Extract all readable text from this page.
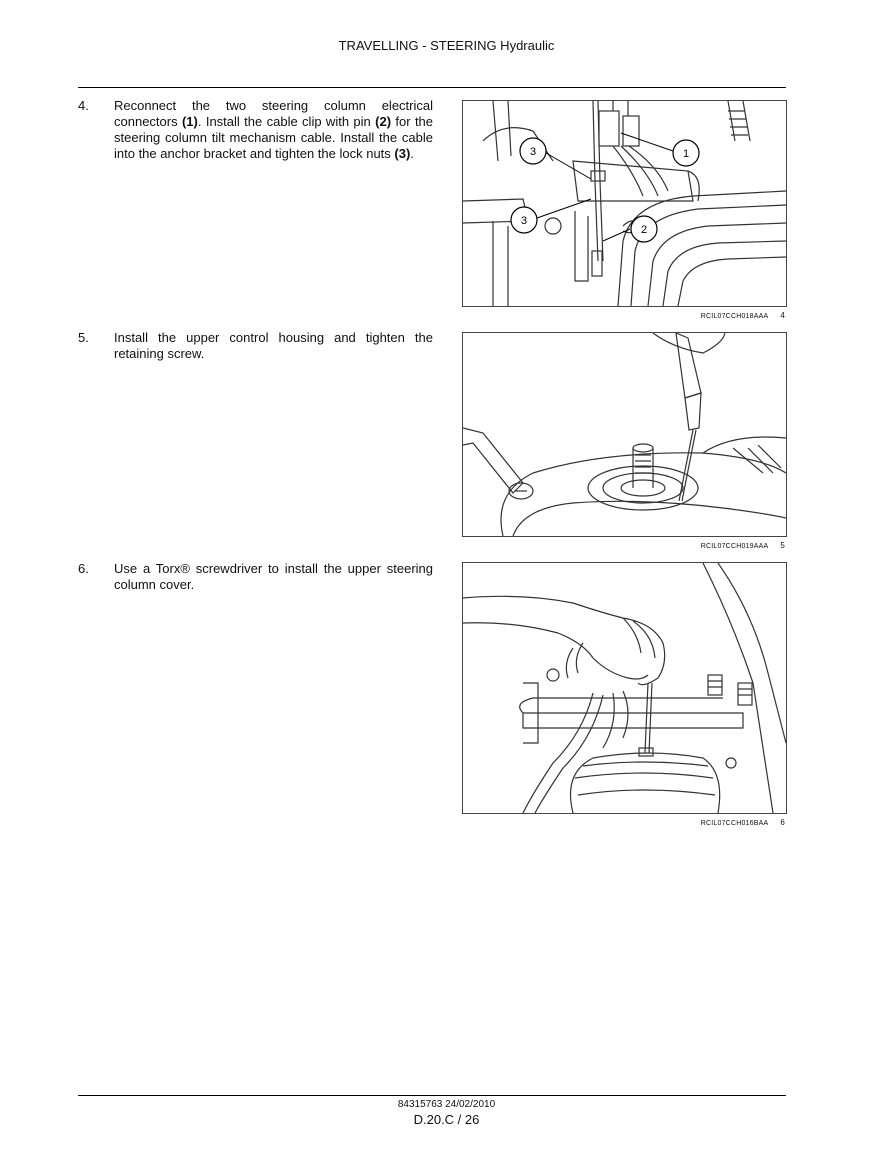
TRAVELLING - STEERING Hydraulic
4. Reconnect the two steering column electrical connectors (1). Install the cable clip with pin (2) for the steering column tilt mechanism cable. Install the cable into the anchor bracket and tighten the lock nuts (3).	3	1
3
2
RCIL07CCH018AAA 4
5. Install the upper control housing and tighten the retaining screw.
RCIL07CCH019AAA 5
6. Use a Torx® screwdriver to install the upper steering column cover.
RCIL07CCH016BAA 6
84315763 24/02/2010
D.20.C / 26
